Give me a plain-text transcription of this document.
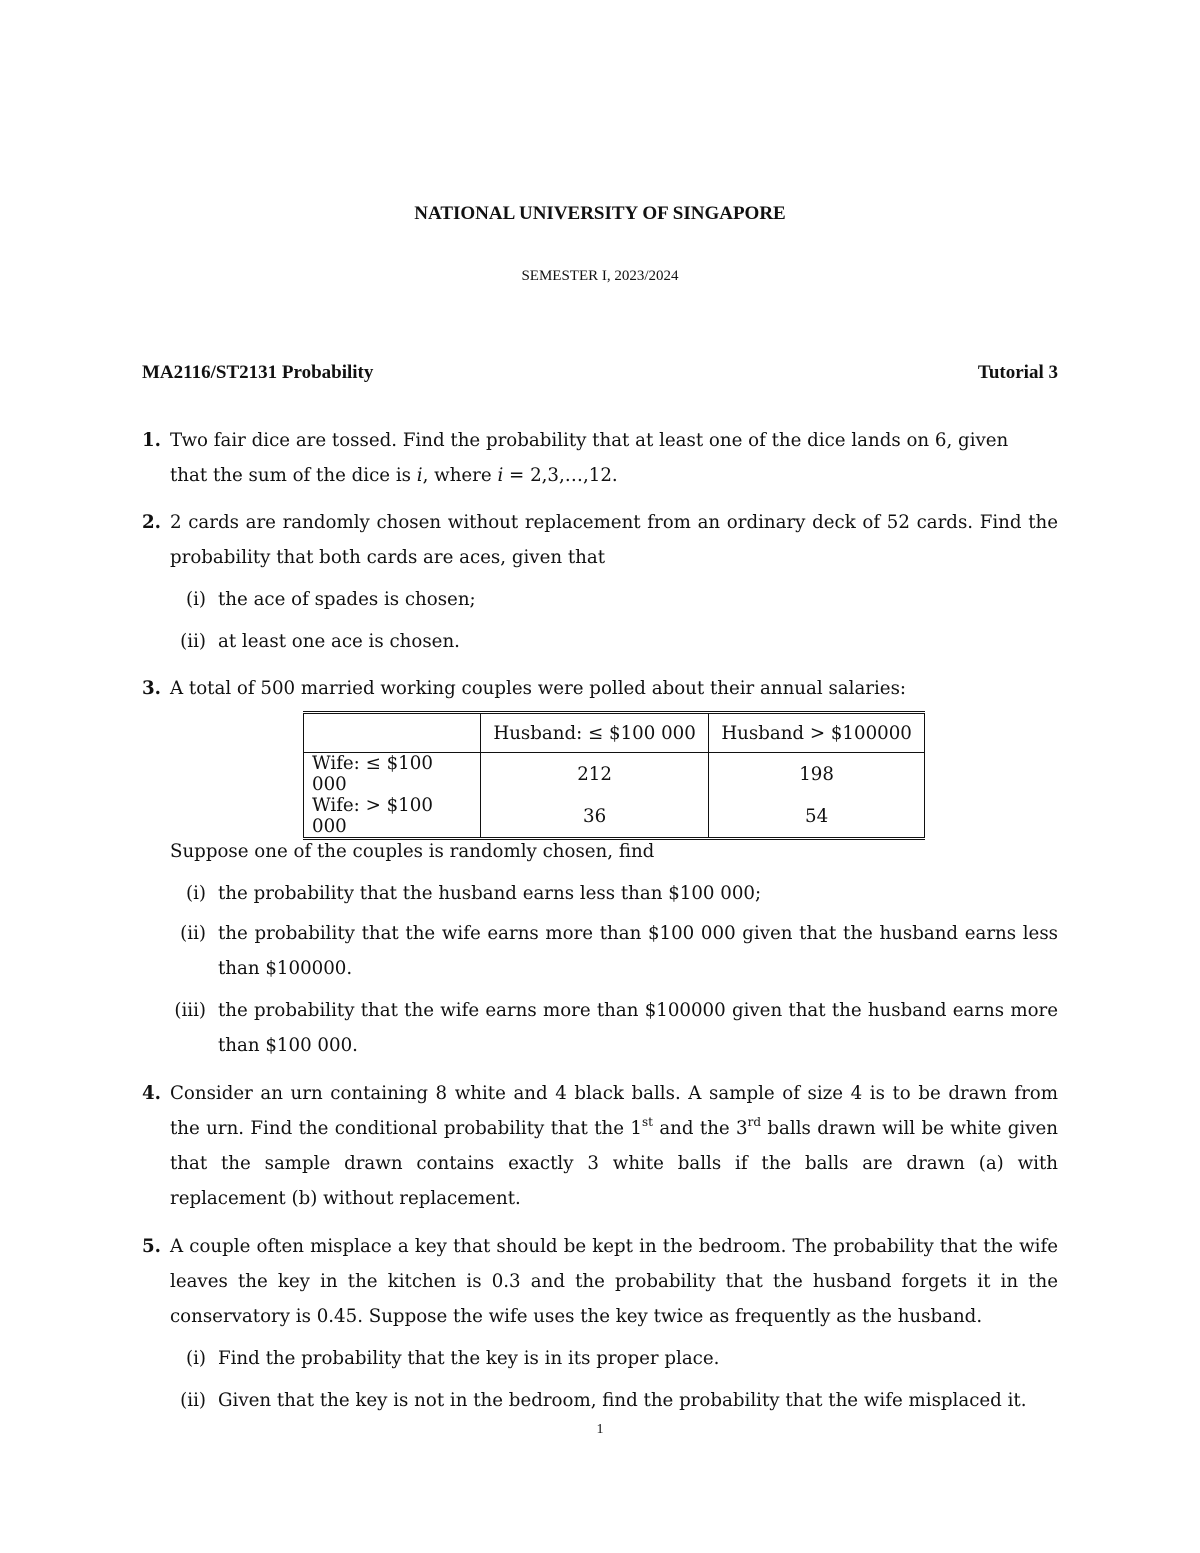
NATIONAL UNIVERSITY OF SINGAPORE
SEMESTER I, 2023/2024
MA2116/ST2131 Probability	Tutorial 3
1. Two fair dice are tossed. Find the probability that at least one of the dice lands on 6, given
that the sum of the dice is i, where i = 2,3,…,12.
2. 2 cards are randomly chosen without replacement from an ordinary deck of 52 cards. Find the probability that both cards are aces, given that
(i) the ace of spades is chosen;
(ii) at least one ace is chosen.
3. A total of 500 married working couples were polled about their annual salaries:
	Husband: ≤ $100 000	Husband > $100000
Wife: ≤ $100 000	212	198
Wife: > $100 000	36	54
Suppose one of the couples is randomly chosen, find
(i) the probability that the husband earns less than $100 000;
(ii) the probability that the wife earns more than $100 000 given that the husband earns less than $100000.
(iii) the probability that the wife earns more than $100000 given that the husband earns more than $100 000.
4. Consider an urn containing 8 white and 4 black balls. A sample of size 4 is to be drawn from the urn. Find the conditional probability that the 1st and the 3rd balls drawn will be white given that the sample drawn contains exactly 3 white balls if the balls are drawn (a) with replacement (b) without replacement.
5. A couple often misplace a key that should be kept in the bedroom. The probability that the wife leaves the key in the kitchen is 0.3 and the probability that the husband forgets it in the conservatory is 0.45. Suppose the wife uses the key twice as frequently as the husband.
(i) Find the probability that the key is in its proper place.
(ii) Given that the key is not in the bedroom, find the probability that the wife misplaced it.
1
